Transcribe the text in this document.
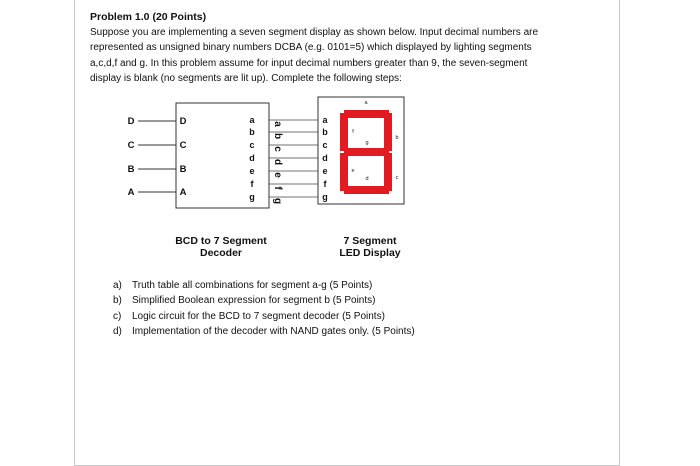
Problem 1.0 (20 Points)
Suppose you are implementing a seven segment display as shown below. Input decimal numbers are
represented as unsigned binary numbers DCBA (e.g. 0101=5) which displayed by lighting segments
a,c,d,f and g. In this problem assume for input decimal numbers greater than 9, the seven-segment
display is blank (no segments are lit up). Complete the following steps:
D
C
B
A
D
C
B
A
a
b
c
d
e
f
g
a
b
c
d
e
f
g
a
b
c
d
e
f
g
a
b
c
d
e
f
g
BCD to 7 Segment
Decoder
7 Segment
LED Display
a) Truth table all combinations for segment a-g (5 Points)
b) Simplified Boolean expression for segment b (5 Points)
c) Logic circuit for the BCD to 7 segment decoder (5 Points)
d) Implementation of the decoder with NAND gates only. (5 Points)
